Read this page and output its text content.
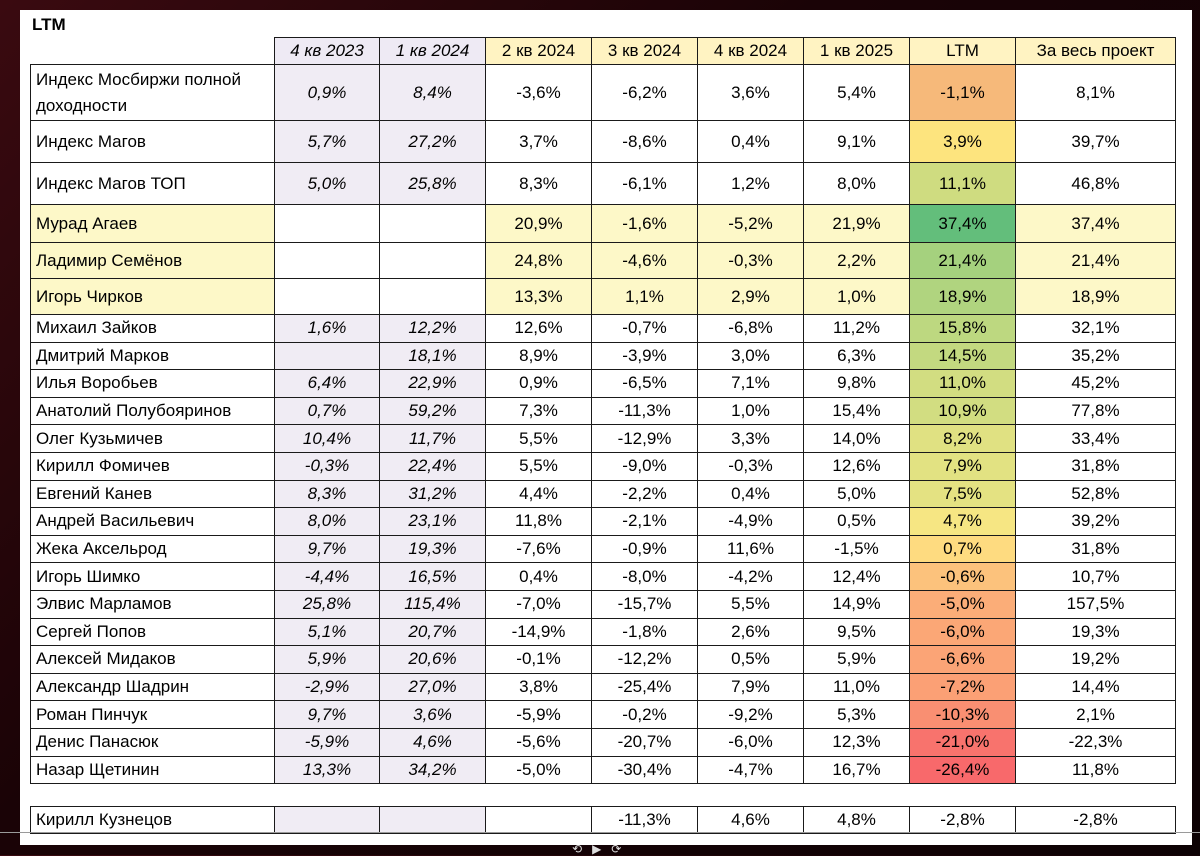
LTM
	4 кв 2023	1 кв 2024	2 кв 2024	3 кв 2024	4 кв 2024	1 кв 2025	LTM	За весь проект
Индекс Мосбиржи полной доходности	0,9%	8,4%	-3,6%	-6,2%	3,6%	5,4%	-1,1%	8,1%
Индекс Магов	5,7%	27,2%	3,7%	-8,6%	0,4%	9,1%	3,9%	39,7%
Индекс Магов ТОП	5,0%	25,8%	8,3%	-6,1%	1,2%	8,0%	11,1%	46,8%
Мурад Агаев			20,9%	-1,6%	-5,2%	21,9%	37,4%	37,4%
Ладимир Семёнов			24,8%	-4,6%	-0,3%	2,2%	21,4%	21,4%
Игорь Чирков			13,3%	1,1%	2,9%	1,0%	18,9%	18,9%
Михаил Зайков	1,6%	12,2%	12,6%	-0,7%	-6,8%	11,2%	15,8%	32,1%
Дмитрий Марков		18,1%	8,9%	-3,9%	3,0%	6,3%	14,5%	35,2%
Илья Воробьев	6,4%	22,9%	0,9%	-6,5%	7,1%	9,8%	11,0%	45,2%
Анатолий Полубояринов	0,7%	59,2%	7,3%	-11,3%	1,0%	15,4%	10,9%	77,8%
Олег Кузьмичев	10,4%	11,7%	5,5%	-12,9%	3,3%	14,0%	8,2%	33,4%
Кирилл Фомичев	-0,3%	22,4%	5,5%	-9,0%	-0,3%	12,6%	7,9%	31,8%
Евгений Канев	8,3%	31,2%	4,4%	-2,2%	0,4%	5,0%	7,5%	52,8%
Андрей Васильевич	8,0%	23,1%	11,8%	-2,1%	-4,9%	0,5%	4,7%	39,2%
Жека Аксельрод	9,7%	19,3%	-7,6%	-0,9%	11,6%	-1,5%	0,7%	31,8%
Игорь Шимко	-4,4%	16,5%	0,4%	-8,0%	-4,2%	12,4%	-0,6%	10,7%
Элвис Марламов	25,8%	115,4%	-7,0%	-15,7%	5,5%	14,9%	-5,0%	157,5%
Сергей Попов	5,1%	20,7%	-14,9%	-1,8%	2,6%	9,5%	-6,0%	19,3%
Алексей Мидаков	5,9%	20,6%	-0,1%	-12,2%	0,5%	5,9%	-6,6%	19,2%
Александр Шадрин	-2,9%	27,0%	3,8%	-25,4%	7,9%	11,0%	-7,2%	14,4%
Роман Пинчук	9,7%	3,6%	-5,9%	-0,2%	-9,2%	5,3%	-10,3%	2,1%
Денис Панасюк	-5,9%	4,6%	-5,6%	-20,7%	-6,0%	12,3%	-21,0%	-22,3%
Назар Щетинин	13,3%	34,2%	-5,0%	-30,4%	-4,7%	16,7%	-26,4%	11,8%

Кирилл Кузнецов				-11,3%	4,6%	4,8%	-2,8%	-2,8%
⟲▶⟳
